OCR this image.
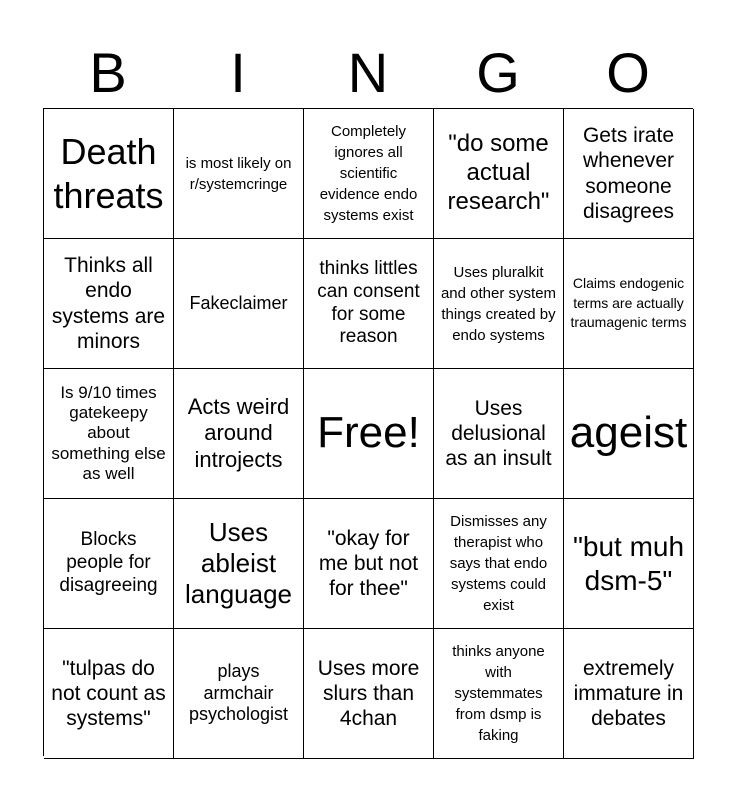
B	I	N	G	O
Death threats
is most likely on r/systemcringe
Completely ignores all scientific evidence endo systems exist
"do some actual research"
Gets irate whenever someone disagrees
Thinks all endo systems are minors
Fakeclaimer
thinks littles can consent for some reason
Uses pluralkit and other system things created by endo systems
Claims endogenic terms are actually traumagenic terms
Is 9/10 times gatekeepy about something else as well
Acts weird around introjects
Free!	Uses delusional as an insult
ageist
Blocks people for disagreeing
Uses ableist language
"okay for me but not for thee"
Dismisses any therapist who says that endo systems could exist
"but muh dsm-5"
"tulpas do not count as systems"
plays armchair psychologist
Uses more slurs than 4chan
thinks anyone with systemmates from dsmp is faking
extremely immature in debates
